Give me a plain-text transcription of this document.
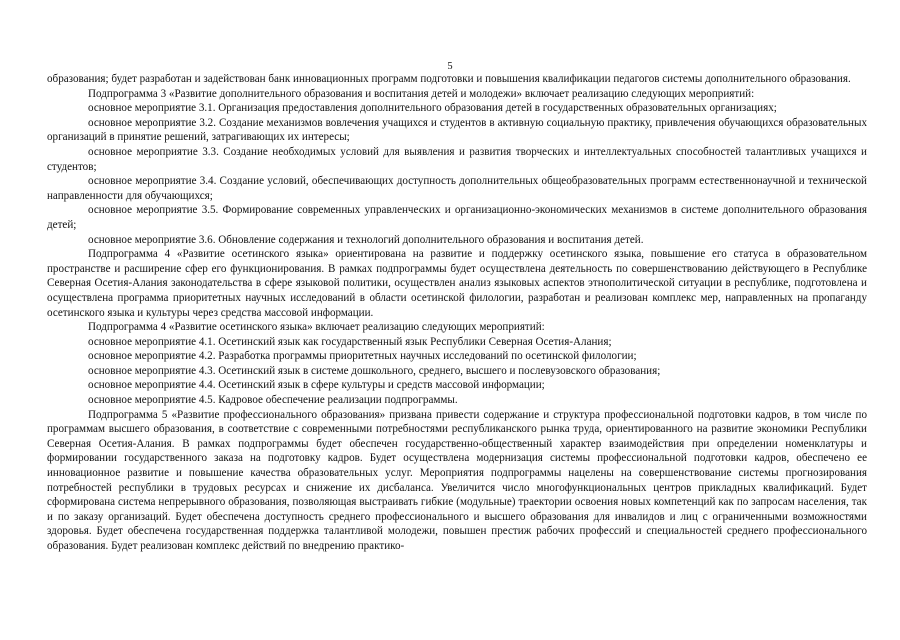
5

образования; будет разработан и задействован банк инновационных программ подготовки и повышения квалификации педагогов системы дополнительного образования.

Подпрограмма 3 «Развитие дополнительного образования и воспитания детей и молодежи» включает реализацию следующих мероприятий:

основное мероприятие 3.1. Организация предоставления дополнительного образования детей в государственных образовательных организациях;

основное мероприятие 3.2. Создание механизмов вовлечения учащихся и студентов в активную социальную практику, привлечения обучающихся образовательных организаций в принятие решений, затрагивающих их интересы;

основное мероприятие 3.3. Создание необходимых условий для выявления и развития творческих и интеллектуальных способностей талантливых учащихся и студентов;

основное мероприятие 3.4. Создание условий, обеспечивающих доступность дополнительных общеобразовательных программ естественнонаучной и технической направленности для обучающихся;

основное мероприятие 3.5. Формирование современных управленческих и организационно-экономических механизмов в системе дополнительного образования детей;

основное мероприятие 3.6. Обновление содержания и технологий дополнительного образования и воспитания детей.

Подпрограмма 4 «Развитие осетинского языка» ориентирована на развитие и поддержку осетинского языка, повышение его статуса в образовательном пространстве и расширение сфер его функционирования. В рамках подпрограммы будет осуществлена деятельность по совершенствованию действующего в Республике Северная Осетия-Алания законодательства в сфере языковой политики, осуществлен анализ языковых аспектов этнополитической ситуации в республике, подготовлена и осуществлена программа приоритетных научных исследований в области осетинской филологии, разработан и реализован комплекс мер, направленных на пропаганду осетинского языка и культуры через средства массовой информации.

Подпрограмма 4 «Развитие осетинского языка» включает реализацию следующих мероприятий:

основное мероприятие 4.1. Осетинский язык как государственный язык Республики Северная Осетия-Алания;

основное мероприятие 4.2. Разработка программы приоритетных научных исследований по осетинской филологии;

основное мероприятие 4.3. Осетинский язык в системе дошкольного, среднего, высшего и послевузовского образования;

основное мероприятие 4.4. Осетинский язык в сфере культуры и средств массовой информации;

основное мероприятие 4.5. Кадровое обеспечение реализации подпрограммы.

Подпрограмма 5 «Развитие профессионального образования» призвана привести содержание и структура профессиональной подготовки кадров, в том числе по программам высшего образования, в соответствие с современными потребностями республиканского рынка труда, ориентированного на развитие экономики Республики Северная Осетия-Алания. В рамках подпрограммы будет обеспечен государственно-общественный характер взаимодействия при определении номенклатуры и формировании государственного заказа на подготовку кадров. Будет осуществлена модернизация системы профессиональной подготовки кадров, обеспечено ее инновационное развитие и повышение качества образовательных услуг. Мероприятия подпрограммы нацелены на совершенствование системы прогнозирования потребностей республики в трудовых ресурсах и снижение их дисбаланса. Увеличится число многофункциональных центров прикладных квалификаций. Будет сформирована система непрерывного образования, позволяющая выстраивать гибкие (модульные) траектории освоения новых компетенций как по запросам населения, так и по заказу организаций. Будет обеспечена доступность среднего профессионального и высшего образования для инвалидов и лиц с ограниченными возможностями здоровья. Будет обеспечена государственная поддержка талантливой молодежи, повышен престиж рабочих профессий и специальностей среднего профессионального образования. Будет реализован комплекс действий по внедрению практико-
